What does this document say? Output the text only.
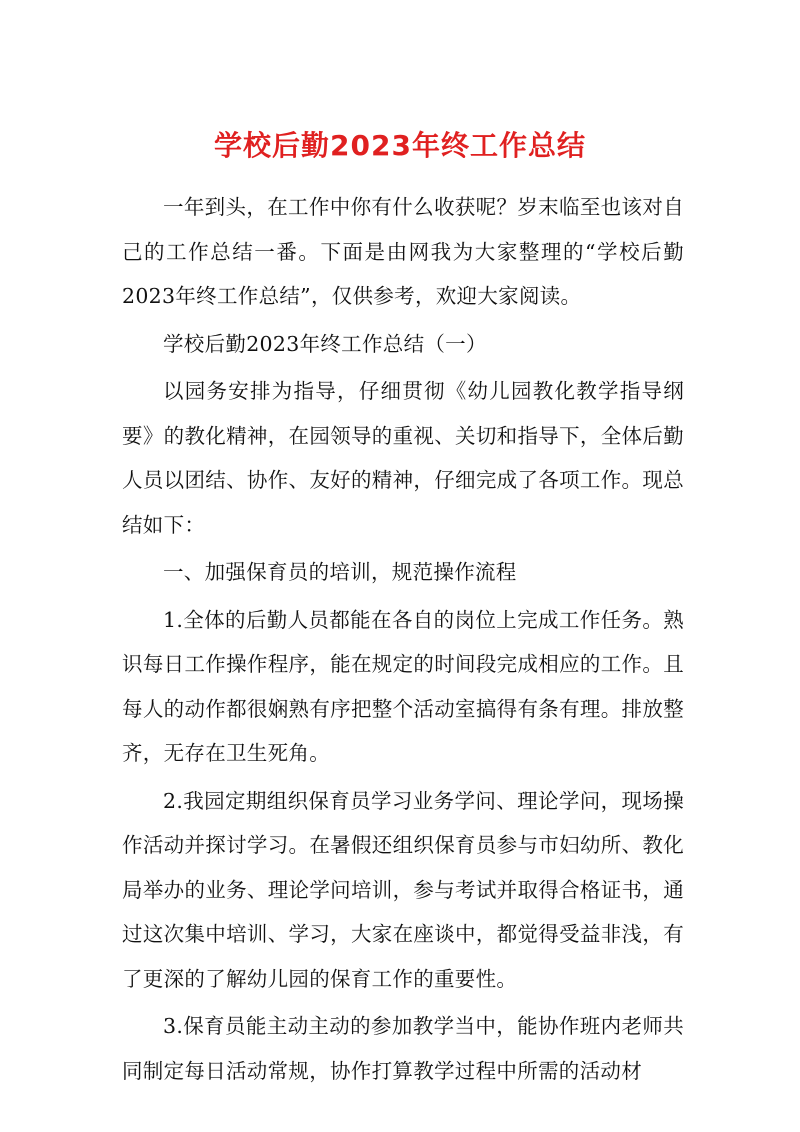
学校后勤2023年终工作总结

一年到头，在工作中你有什么收获呢？岁末临至也该对自己的工作总结一番。下面是由网我为大家整理的“学校后勤2023年终工作总结”，仅供参考，欢迎大家阅读。

学校后勤2023年终工作总结（一）

以园务安排为指导，仔细贯彻《幼儿园教化教学指导纲要》的教化精神，在园领导的重视、关切和指导下，全体后勤人员以团结、协作、友好的精神，仔细完成了各项工作。现总结如下：

一、加强保育员的培训，规范操作流程

1.全体的后勤人员都能在各自的岗位上完成工作任务。熟识每日工作操作程序，能在规定的时间段完成相应的工作。且每人的动作都很娴熟有序把整个活动室搞得有条有理。排放整齐，无存在卫生死角。

2.我园定期组织保育员学习业务学问、理论学问，现场操作活动并探讨学习。在暑假还组织保育员参与市妇幼所、教化局举办的业务、理论学问培训，参与考试并取得合格证书，通过这次集中培训、学习，大家在座谈中，都觉得受益非浅，有了更深的了解幼儿园的保育工作的重要性。

3.保育员能主动主动的参加教学当中，能协作班内老师共同制定每日活动常规，协作打算教学过程中所需的活动材
